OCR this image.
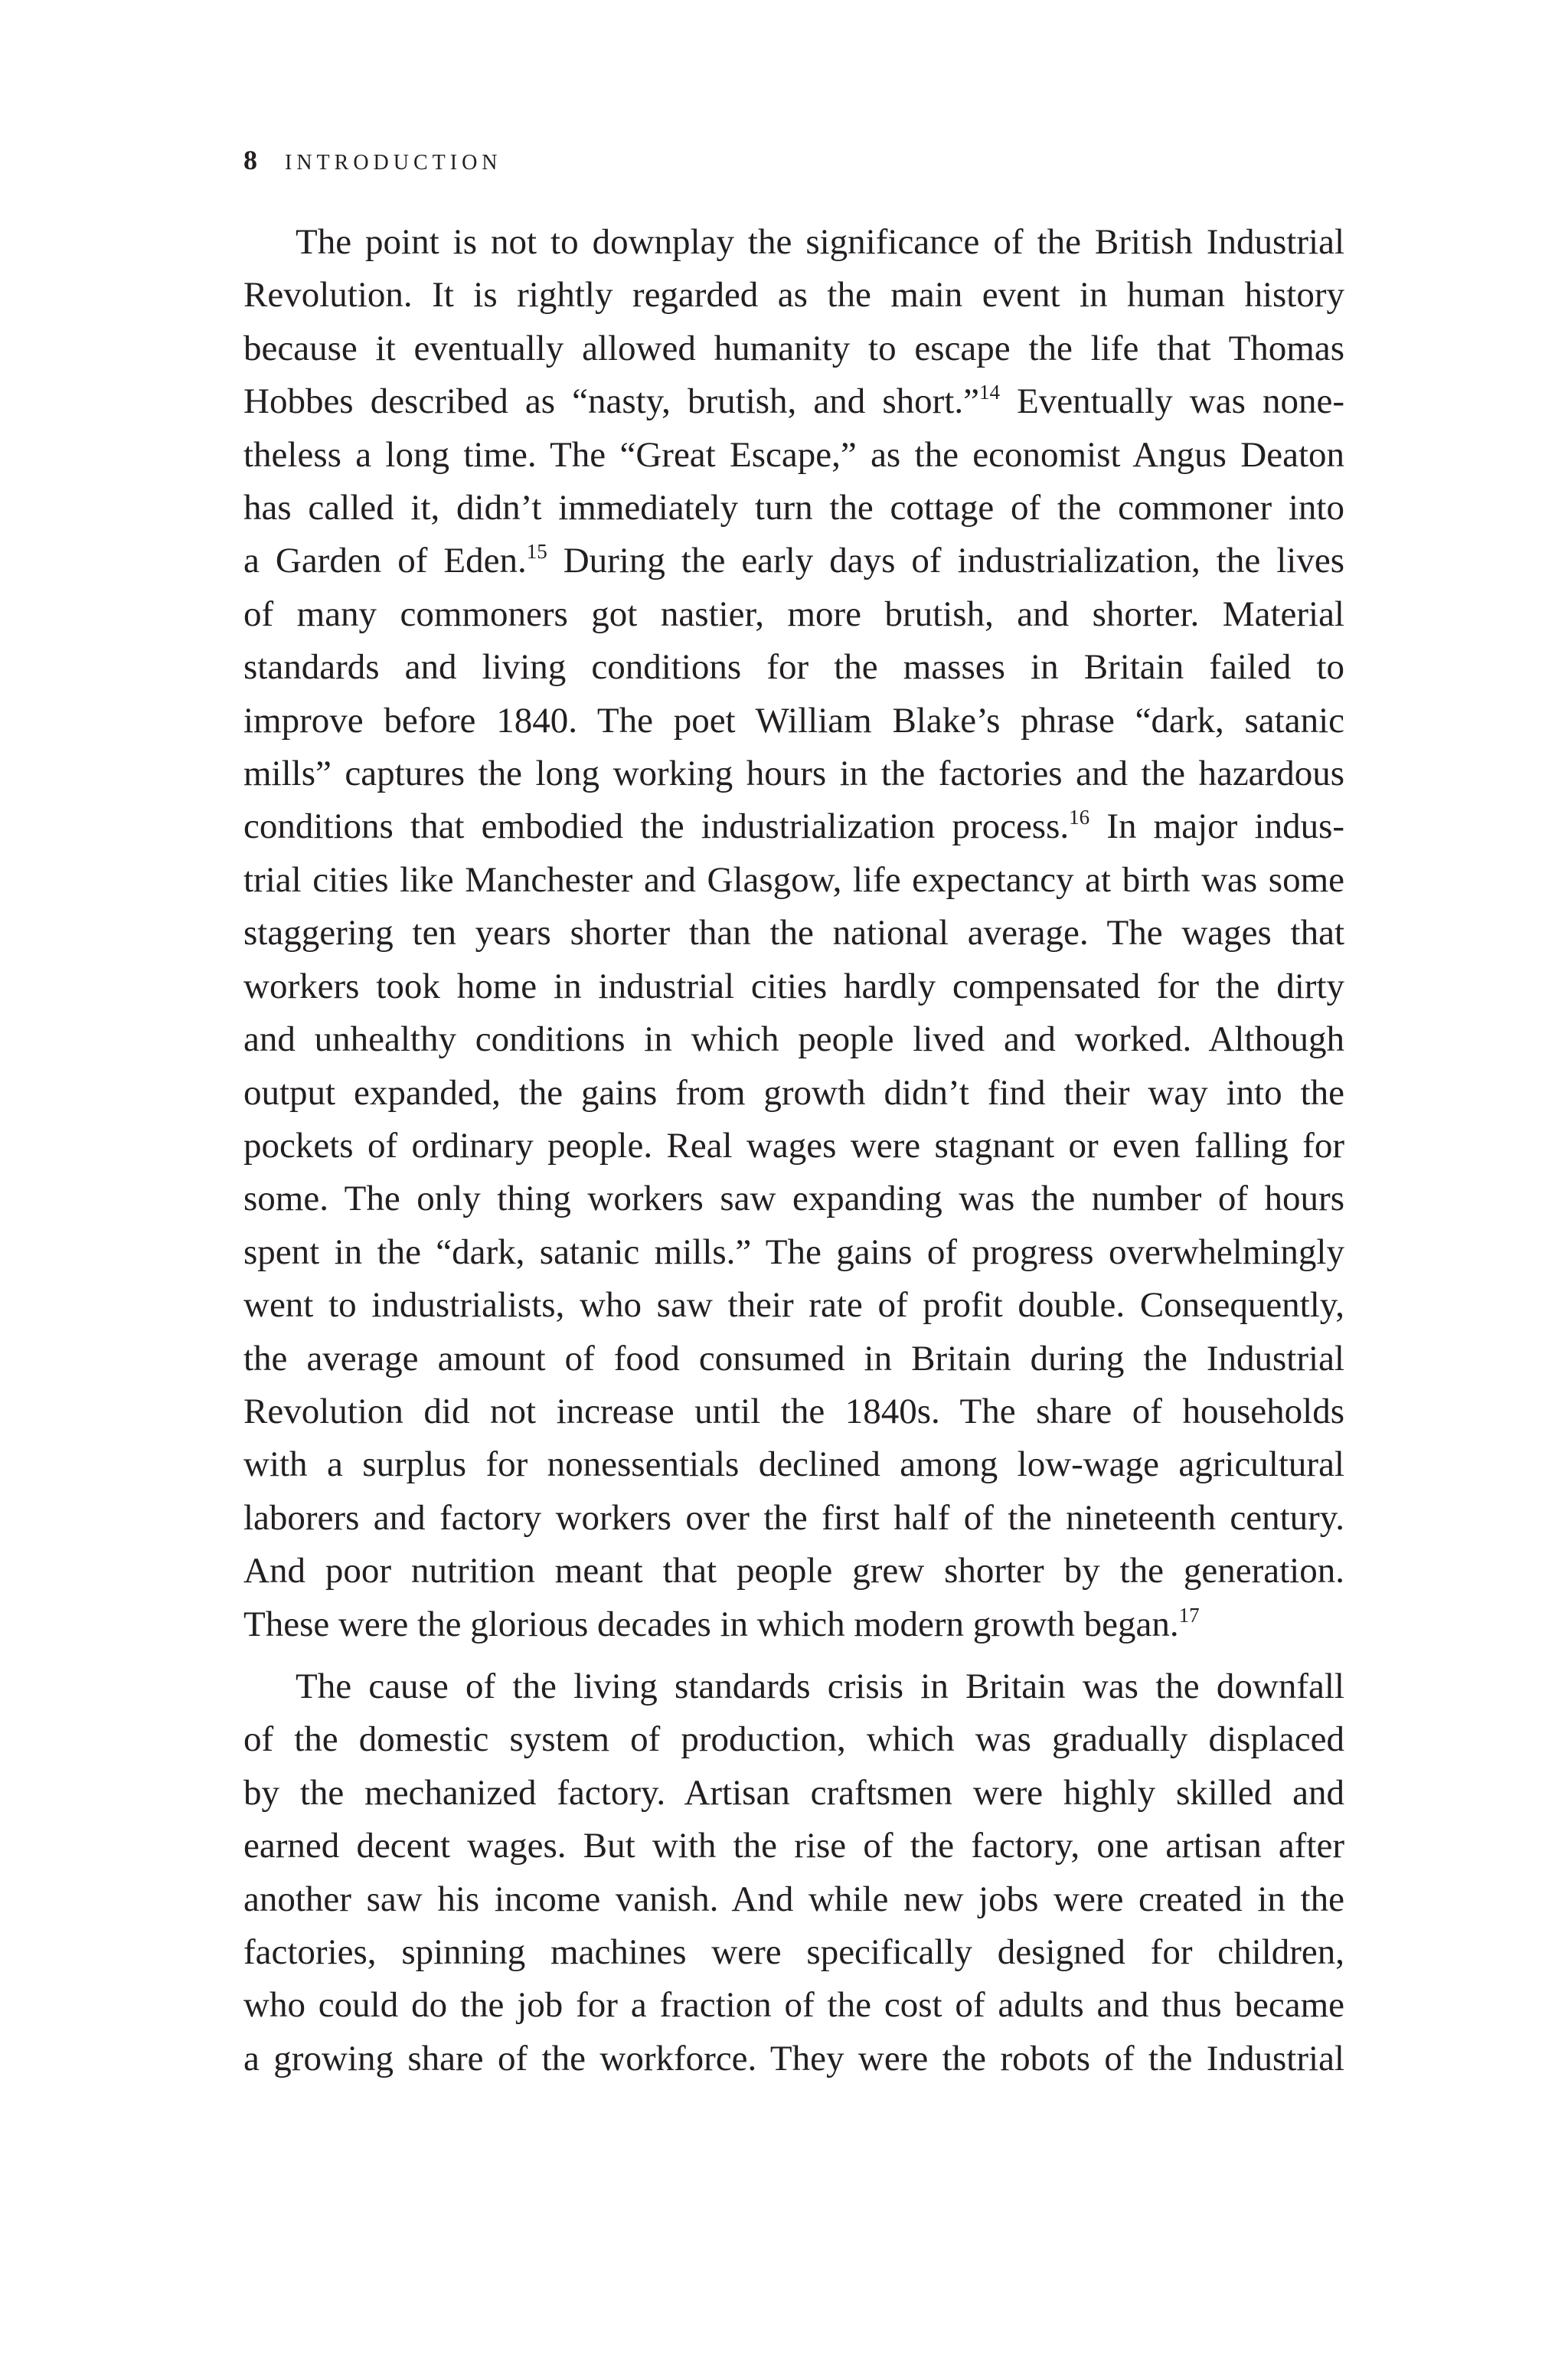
8 INTRODUCTION

The point is not to downplay the significance of the British Industrial
Revolution. It is rightly regarded as the main event in human history
because it eventually allowed humanity to escape the life that Thomas
Hobbes described as “nasty, brutish, and short.”$^{14}$ Eventually was none-
theless a long time. The “Great Escape,” as the economist Angus Deaton
has called it, didn’t immediately turn the cottage of the commoner into
a Garden of Eden.$^{15}$ During the early days of industrialization, the lives
of many commoners got nastier, more brutish, and shorter. Material
standards and living conditions for the masses in Britain failed to
improve before 1840. The poet William Blake’s phrase “dark, satanic
mills” captures the long working hours in the factories and the hazardous
conditions that embodied the industrialization process.$^{16}$ In major indus-
trial cities like Manchester and Glasgow, life expectancy at birth was some
staggering ten years shorter than the national average. The wages that
workers took home in industrial cities hardly compensated for the dirty
and unhealthy conditions in which people lived and worked. Although
output expanded, the gains from growth didn’t find their way into the
pockets of ordinary people. Real wages were stagnant or even falling for
some. The only thing workers saw expanding was the number of hours
spent in the “dark, satanic mills.” The gains of progress overwhelmingly
went to industrialists, who saw their rate of profit double. Consequently,
the average amount of food consumed in Britain during the Industrial
Revolution did not increase until the 1840s. The share of households
with a surplus for nonessentials declined among low-wage agricultural
laborers and factory workers over the first half of the nineteenth century.
And poor nutrition meant that people grew shorter by the generation.
These were the glorious decades in which modern growth began.$^{17}$

The cause of the living standards crisis in Britain was the downfall
of the domestic system of production, which was gradually displaced
by the mechanized factory. Artisan craftsmen were highly skilled and
earned decent wages. But with the rise of the factory, one artisan after
another saw his income vanish. And while new jobs were created in the
factories, spinning machines were specifically designed for children,
who could do the job for a fraction of the cost of adults and thus became
a growing share of the workforce. They were the robots of the Industrial
